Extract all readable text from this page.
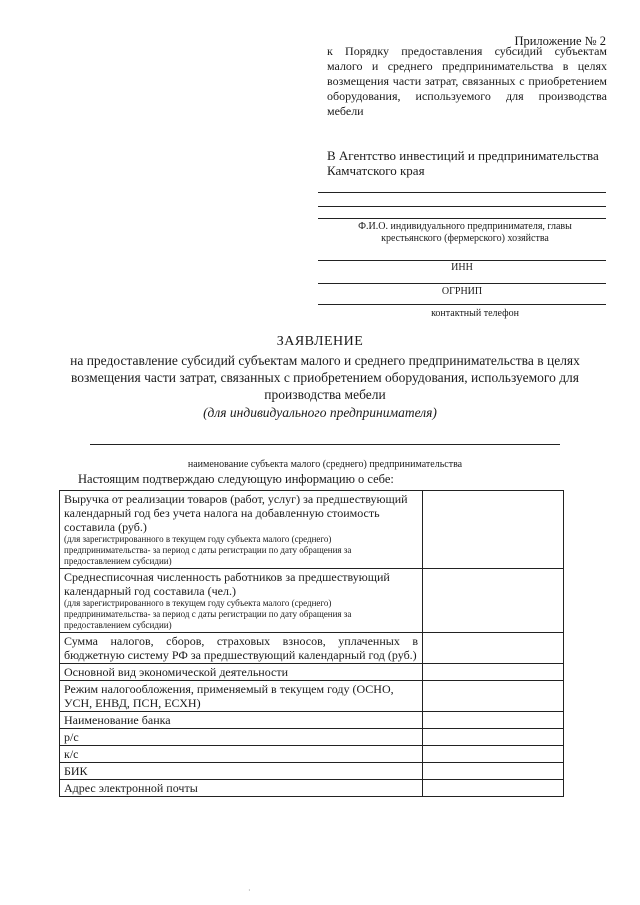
Приложение № 2
к Порядку предоставления субсидий субъектам малого и среднего предпринимательства в целях возмещения части затрат, связанных с приобретением оборудования, используемого для производства мебели
В Агентство инвестиций и предпринимательства Камчатского края
Ф.И.О. индивидуального предпринимателя, главы крестьянского (фермерского) хозяйства
ИНН
ОГРНИП
контактный телефон
ЗАЯВЛЕНИЕ
на предоставление субсидий субъектам малого и среднего предпринимательства в целях возмещения части затрат, связанных с приобретением оборудования, используемого для производства мебели
(для индивидуального предпринимателя)
наименование субъекта малого (среднего) предпринимательства
Настоящим подтверждаю следующую информацию о себе:
Выручка от реализации товаров (работ, услуг) за предшествующий календарный год без учета налога на добавленную стоимость составила (руб.)
(для зарегистрированного в текущем году субъекта малого (среднего) предпринимательства- за период с даты регистрации по дату обращения за предоставлением субсидии)	

Среднесписочная численность работников за предшествующий календарный год составила (чел.)
(для зарегистрированного в текущем году субъекта малого (среднего) предпринимательства- за период с даты регистрации по дату обращения за предоставлением субсидии)	

Сумма налогов, сборов, страховых взносов, уплаченных в бюджетную систему РФ за предшествующий календарный год (руб.)	
Основной вид экономической деятельности	
Режим налогообложения, применяемый в текущем году (ОСНО, УСН, ЕНВД, ПСН, ЕСХН)	
Наименование банка	
р/с	
к/с	
БИК	
Адрес электронной почты	
·
